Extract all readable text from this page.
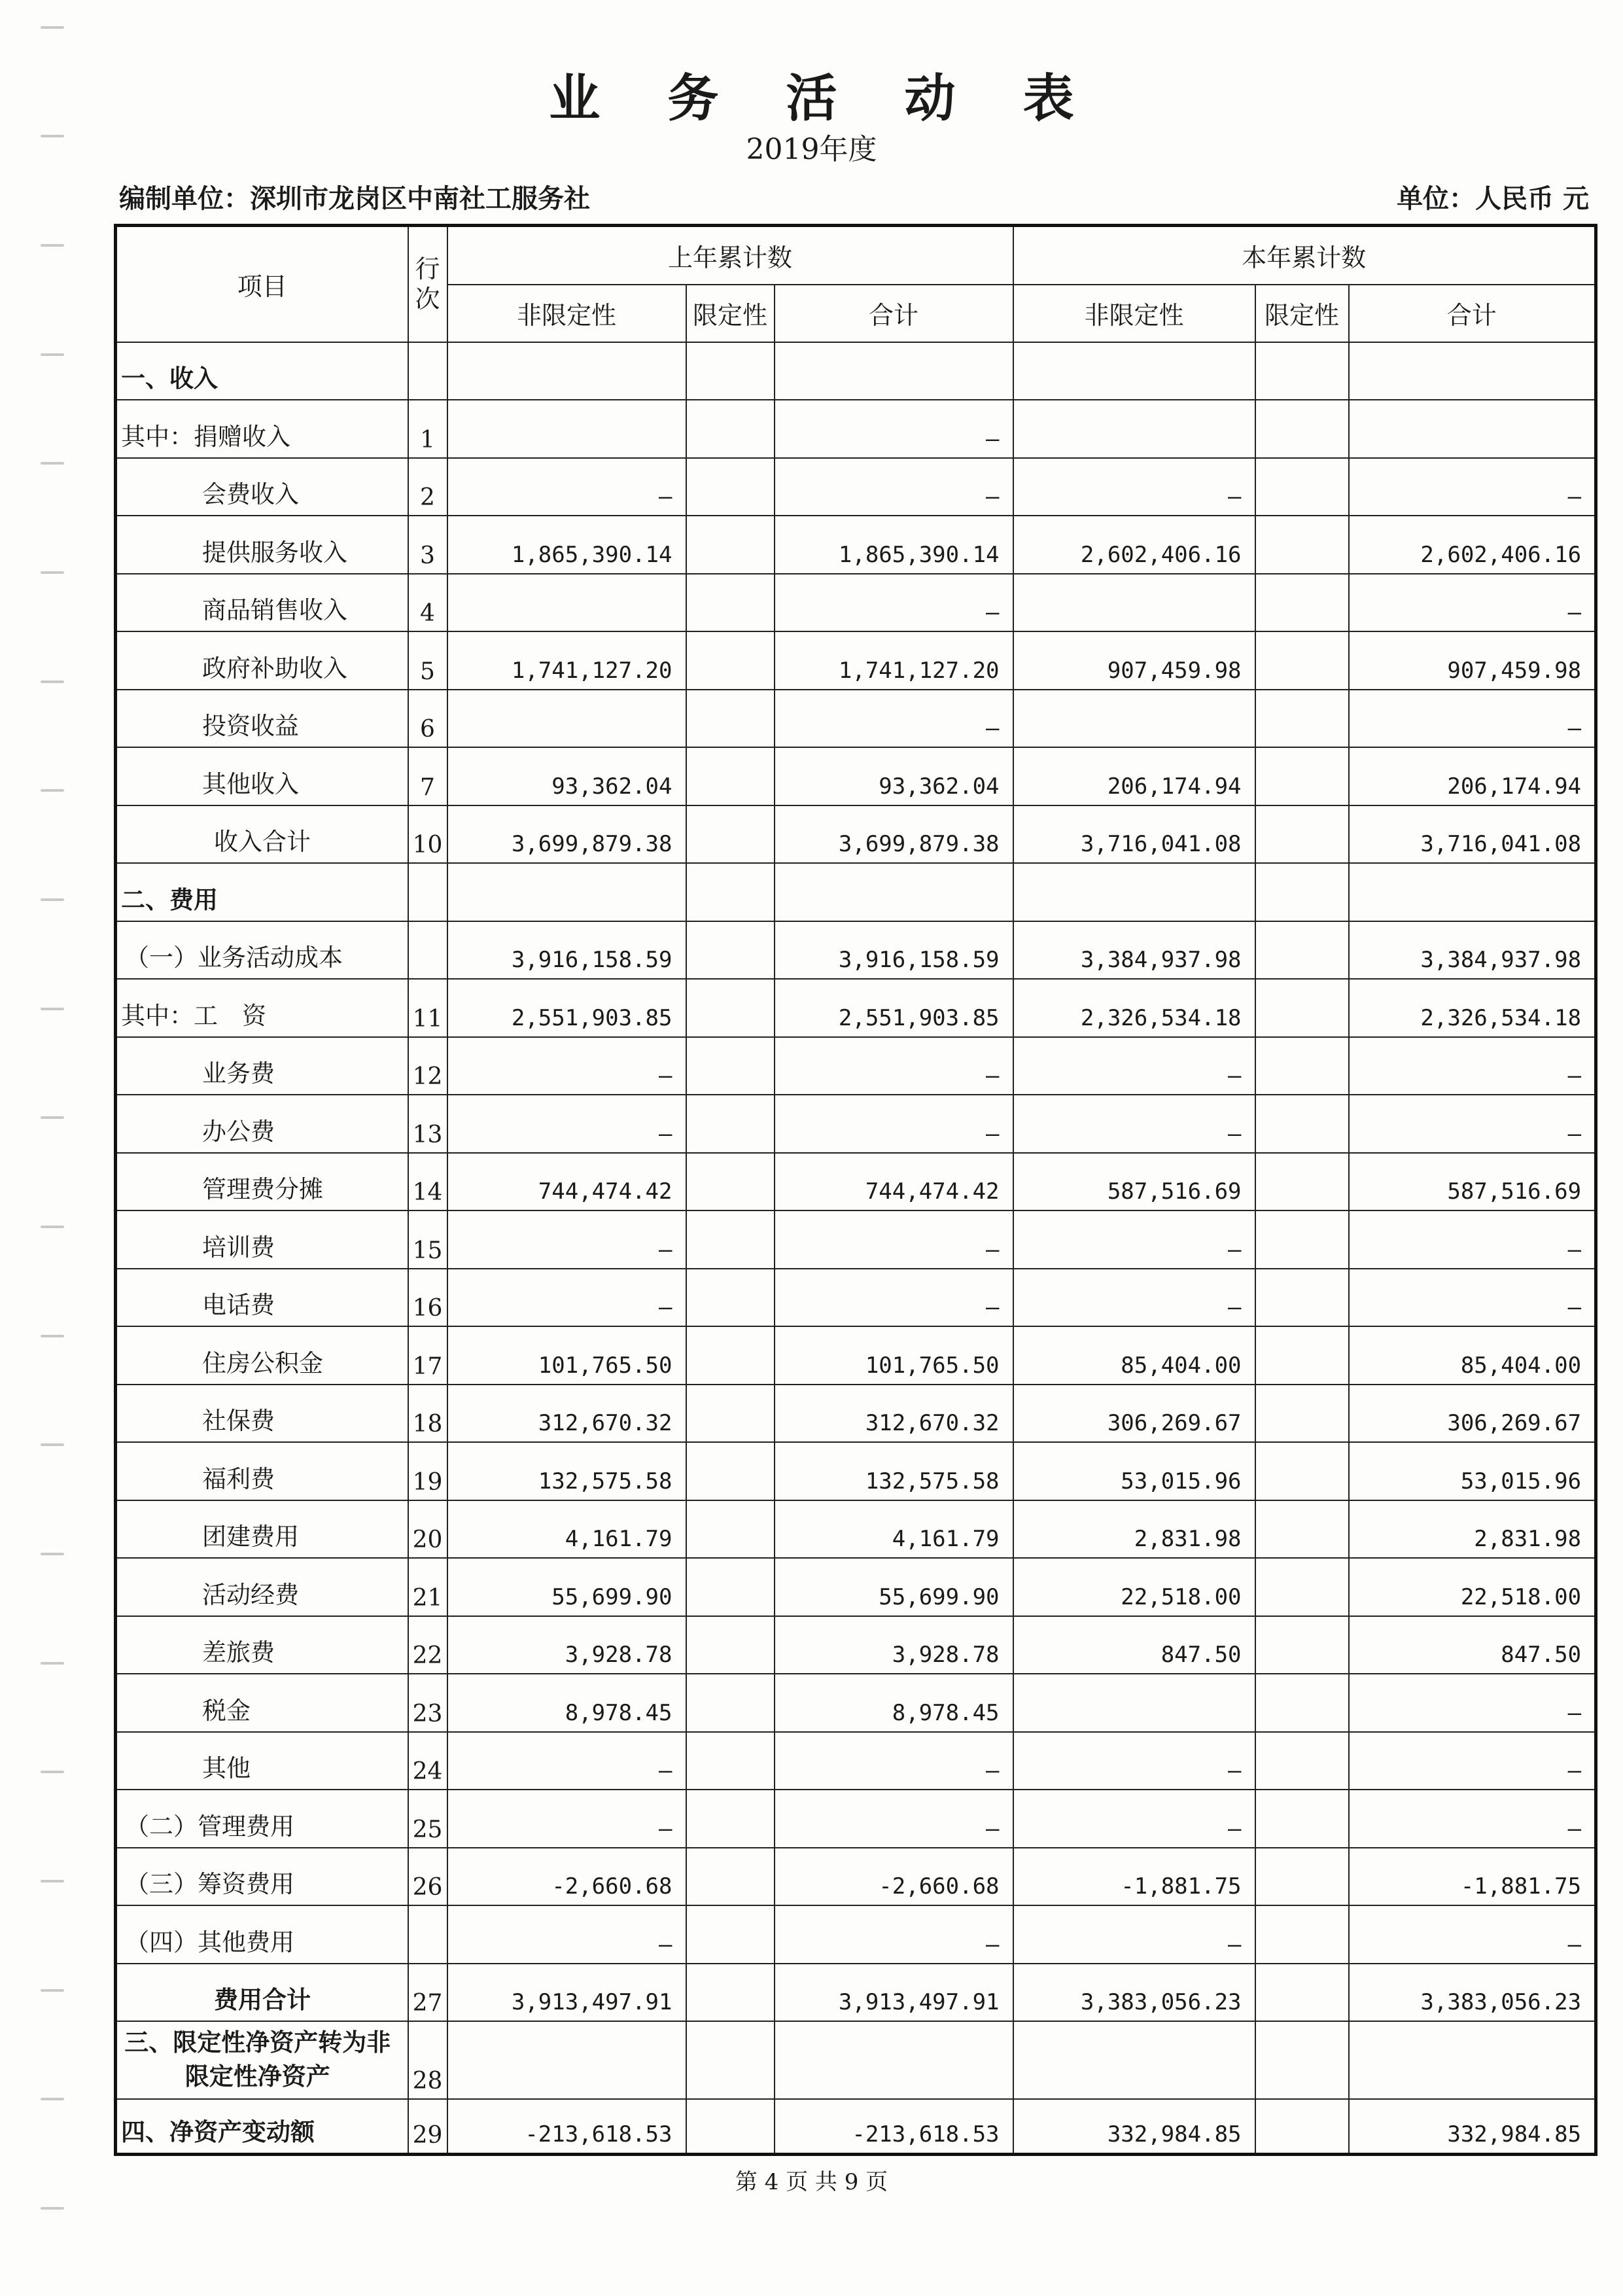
业 务 活 动 表
2019年度
编制单位：深圳市龙岗区中南社工服务社	单位：人民币 元
项目	行次	上年累计数			本年累计数		
		非限定性	限定性	合计	非限定性	限定性	合计
一、收入							
其中：捐赠收入	1			–			
会费收入	2	–		–	–		–
提供服务收入	3	1,865,390.14		1,865,390.14	2,602,406.16		2,602,406.16
商品销售收入	4			–			–
政府补助收入	5	1,741,127.20		1,741,127.20	907,459.98		907,459.98
投资收益	6			–			–
其他收入	7	93,362.04		93,362.04	206,174.94		206,174.94
收入合计	10	3,699,879.38		3,699,879.38	3,716,041.08		3,716,041.08
二、费用							
（一）业务活动成本		3,916,158.59		3,916,158.59	3,384,937.98		3,384,937.98
其中：工　资	11	2,551,903.85		2,551,903.85	2,326,534.18		2,326,534.18
业务费	12	–		–	–		–
办公费	13	–		–	–		–
管理费分摊	14	744,474.42		744,474.42	587,516.69		587,516.69
培训费	15	–		–	–		–
电话费	16	–		–	–		–
住房公积金	17	101,765.50		101,765.50	85,404.00		85,404.00
社保费	18	312,670.32		312,670.32	306,269.67		306,269.67
福利费	19	132,575.58		132,575.58	53,015.96		53,015.96
团建费用	20	4,161.79		4,161.79	2,831.98		2,831.98
活动经费	21	55,699.90		55,699.90	22,518.00		22,518.00
差旅费	22	3,928.78		3,928.78	847.50		847.50
税金	23	8,978.45		8,978.45			–
其他	24	–		–	–		–
（二）管理费用	25	–		–	–		–
（三）筹资费用	26	-2,660.68		-2,660.68	-1,881.75		-1,881.75
（四）其他费用		–		–	–		–
费用合计	27	3,913,497.91		3,913,497.91	3,383,056.23		3,383,056.23
三、限定性净资产转为非限定性净资产	28						
四、净资产变动额	29	-213,618.53		-213,618.53	332,984.85		332,984.85
第 4 页 共 9 页
